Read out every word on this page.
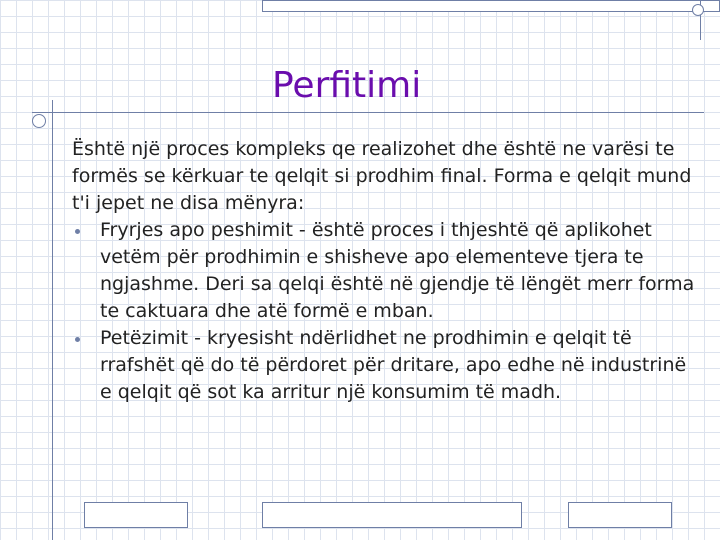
Perfitimi

Është një proces kompleks qe realizohet dhe është ne varësi te formës se kërkuar te qelqit si prodhim final. Forma e qelqit mund t'i jepet ne disa mënyra:

Fryrjes apo peshimit - është proces i thjeshtë që aplikohet vetëm për prodhimin e shisheve apo elementeve tjera te ngjashme. Deri sa qelqi është në gjendje të lëngët merr forma te caktuara dhe atë formë e mban.
Petëzimit - kryesisht ndërlidhet ne prodhimin e qelqit të rrafshët që do të përdoret për dritare, apo edhe në industrinë e qelqit që sot ka arritur një konsumim të madh.
